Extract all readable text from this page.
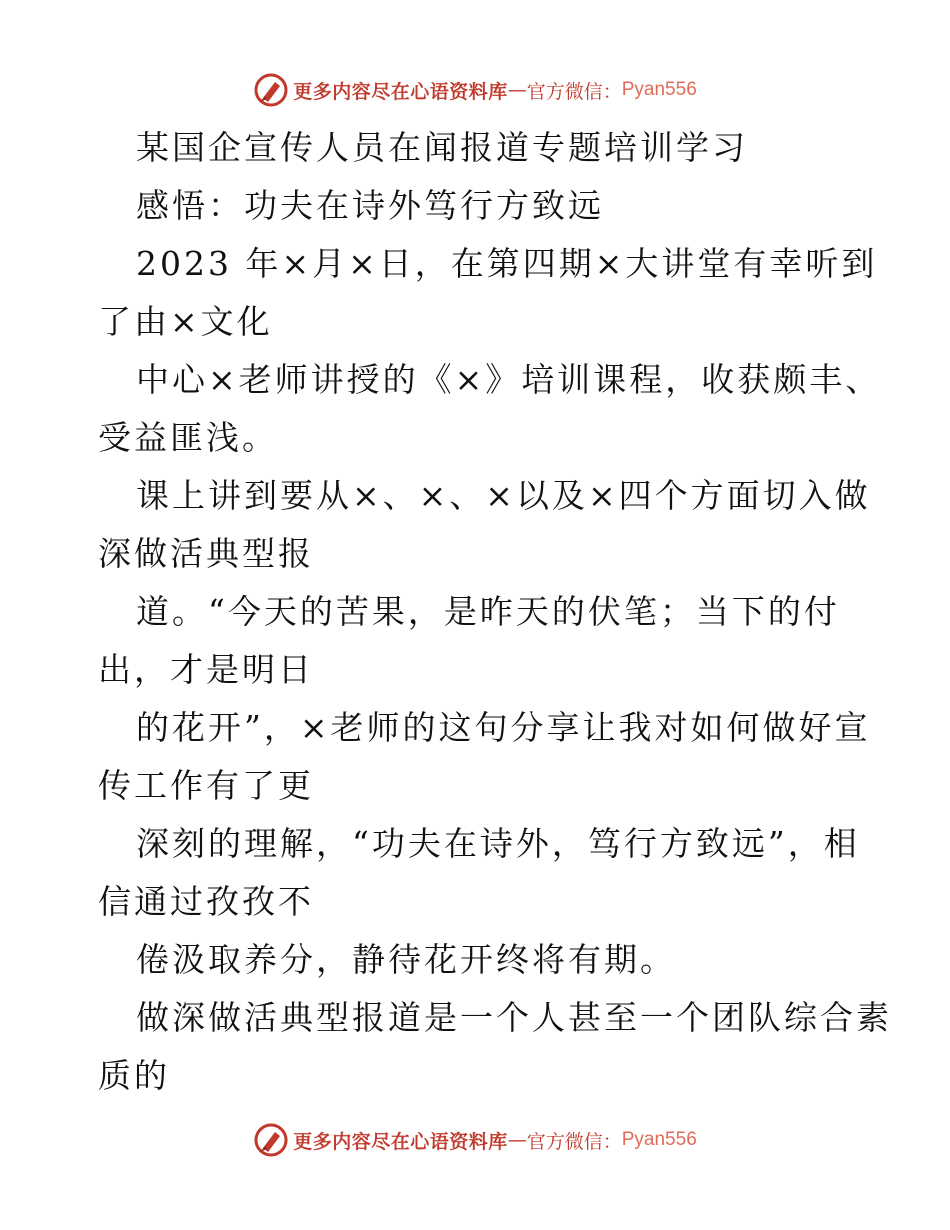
更多内容尽在心语资料库 — 官方微信： Pyan556
某国企宣传人员在闻报道专题培训学习
感悟：功夫在诗外笃行方致远
2023 年×月×日，在第四期×大讲堂有幸听到
了由×文化
中心×老师讲授的《×》培训课程，收获颇丰、
受益匪浅。
课上讲到要从×、×、×以及×四个方面切入做
深做活典型报
道。“今天的苦果，是昨天的伏笔；当下的付
出，才是明日
的花开”，×老师的这句分享让我对如何做好宣
传工作有了更
深刻的理解，“功夫在诗外，笃行方致远”，相
信通过孜孜不
倦汲取养分，静待花开终将有期。
做深做活典型报道是一个人甚至一个团队综合素
质的
更多内容尽在心语资料库 — 官方微信： Pyan556
